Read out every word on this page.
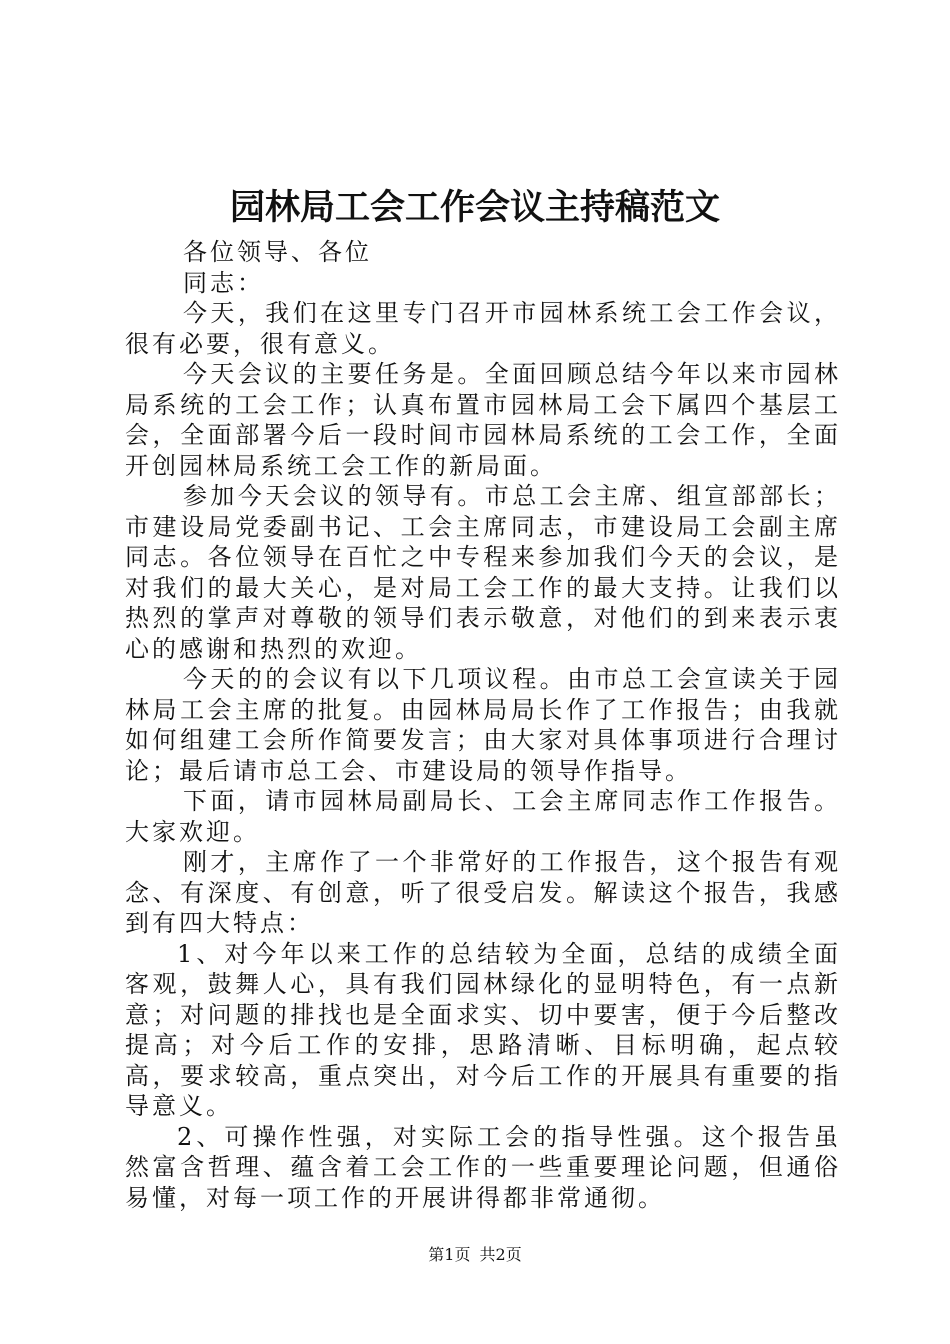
园林局工会工作会议主持稿范文

各位领导、各位

同志：

今天，我们在这里专门召开市园林系统工会工作会议，很有必要，很有意义。

今天会议的主要任务是。全面回顾总结今年以来市园林局系统的工会工作；认真布置市园林局工会下属四个基层工会，全面部署今后一段时间市园林局系统的工会工作，全面开创园林局系统工会工作的新局面。

参加今天会议的领导有。市总工会主席、组宣部部长；市建设局党委副书记、工会主席同志，市建设局工会副主席同志。各位领导在百忙之中专程来参加我们今天的会议，是对我们的最大关心，是对局工会工作的最大支持。让我们以热烈的掌声对尊敬的领导们表示敬意，对他们的到来表示衷心的感谢和热烈的欢迎。

今天的的会议有以下几项议程。由市总工会宣读关于园林局工会主席的批复。由园林局局长作了工作报告；由我就如何组建工会所作简要发言；由大家对具体事项进行合理讨论；最后请市总工会、市建设局的领导作指导。

下面，请市园林局副局长、工会主席同志作工作报告。大家欢迎。

刚才，主席作了一个非常好的工作报告，这个报告有观念、有深度、有创意，听了很受启发。解读这个报告，我感到有四大特点：

1、对今年以来工作的总结较为全面，总结的成绩全面客观，鼓舞人心，具有我们园林绿化的显明特色，有一点新意；对问题的排找也是全面求实、切中要害，便于今后整改提高；对今后工作的安排，思路清晰、目标明确，起点较高，要求较高，重点突出，对今后工作的开展具有重要的指导意义。

2、可操作性强，对实际工会的指导性强。这个报告虽然富含哲理、蕴含着工会工作的一些重要理论问题，但通俗易懂，对每一项工作的开展讲得都非常通彻。

第1页 共2页
